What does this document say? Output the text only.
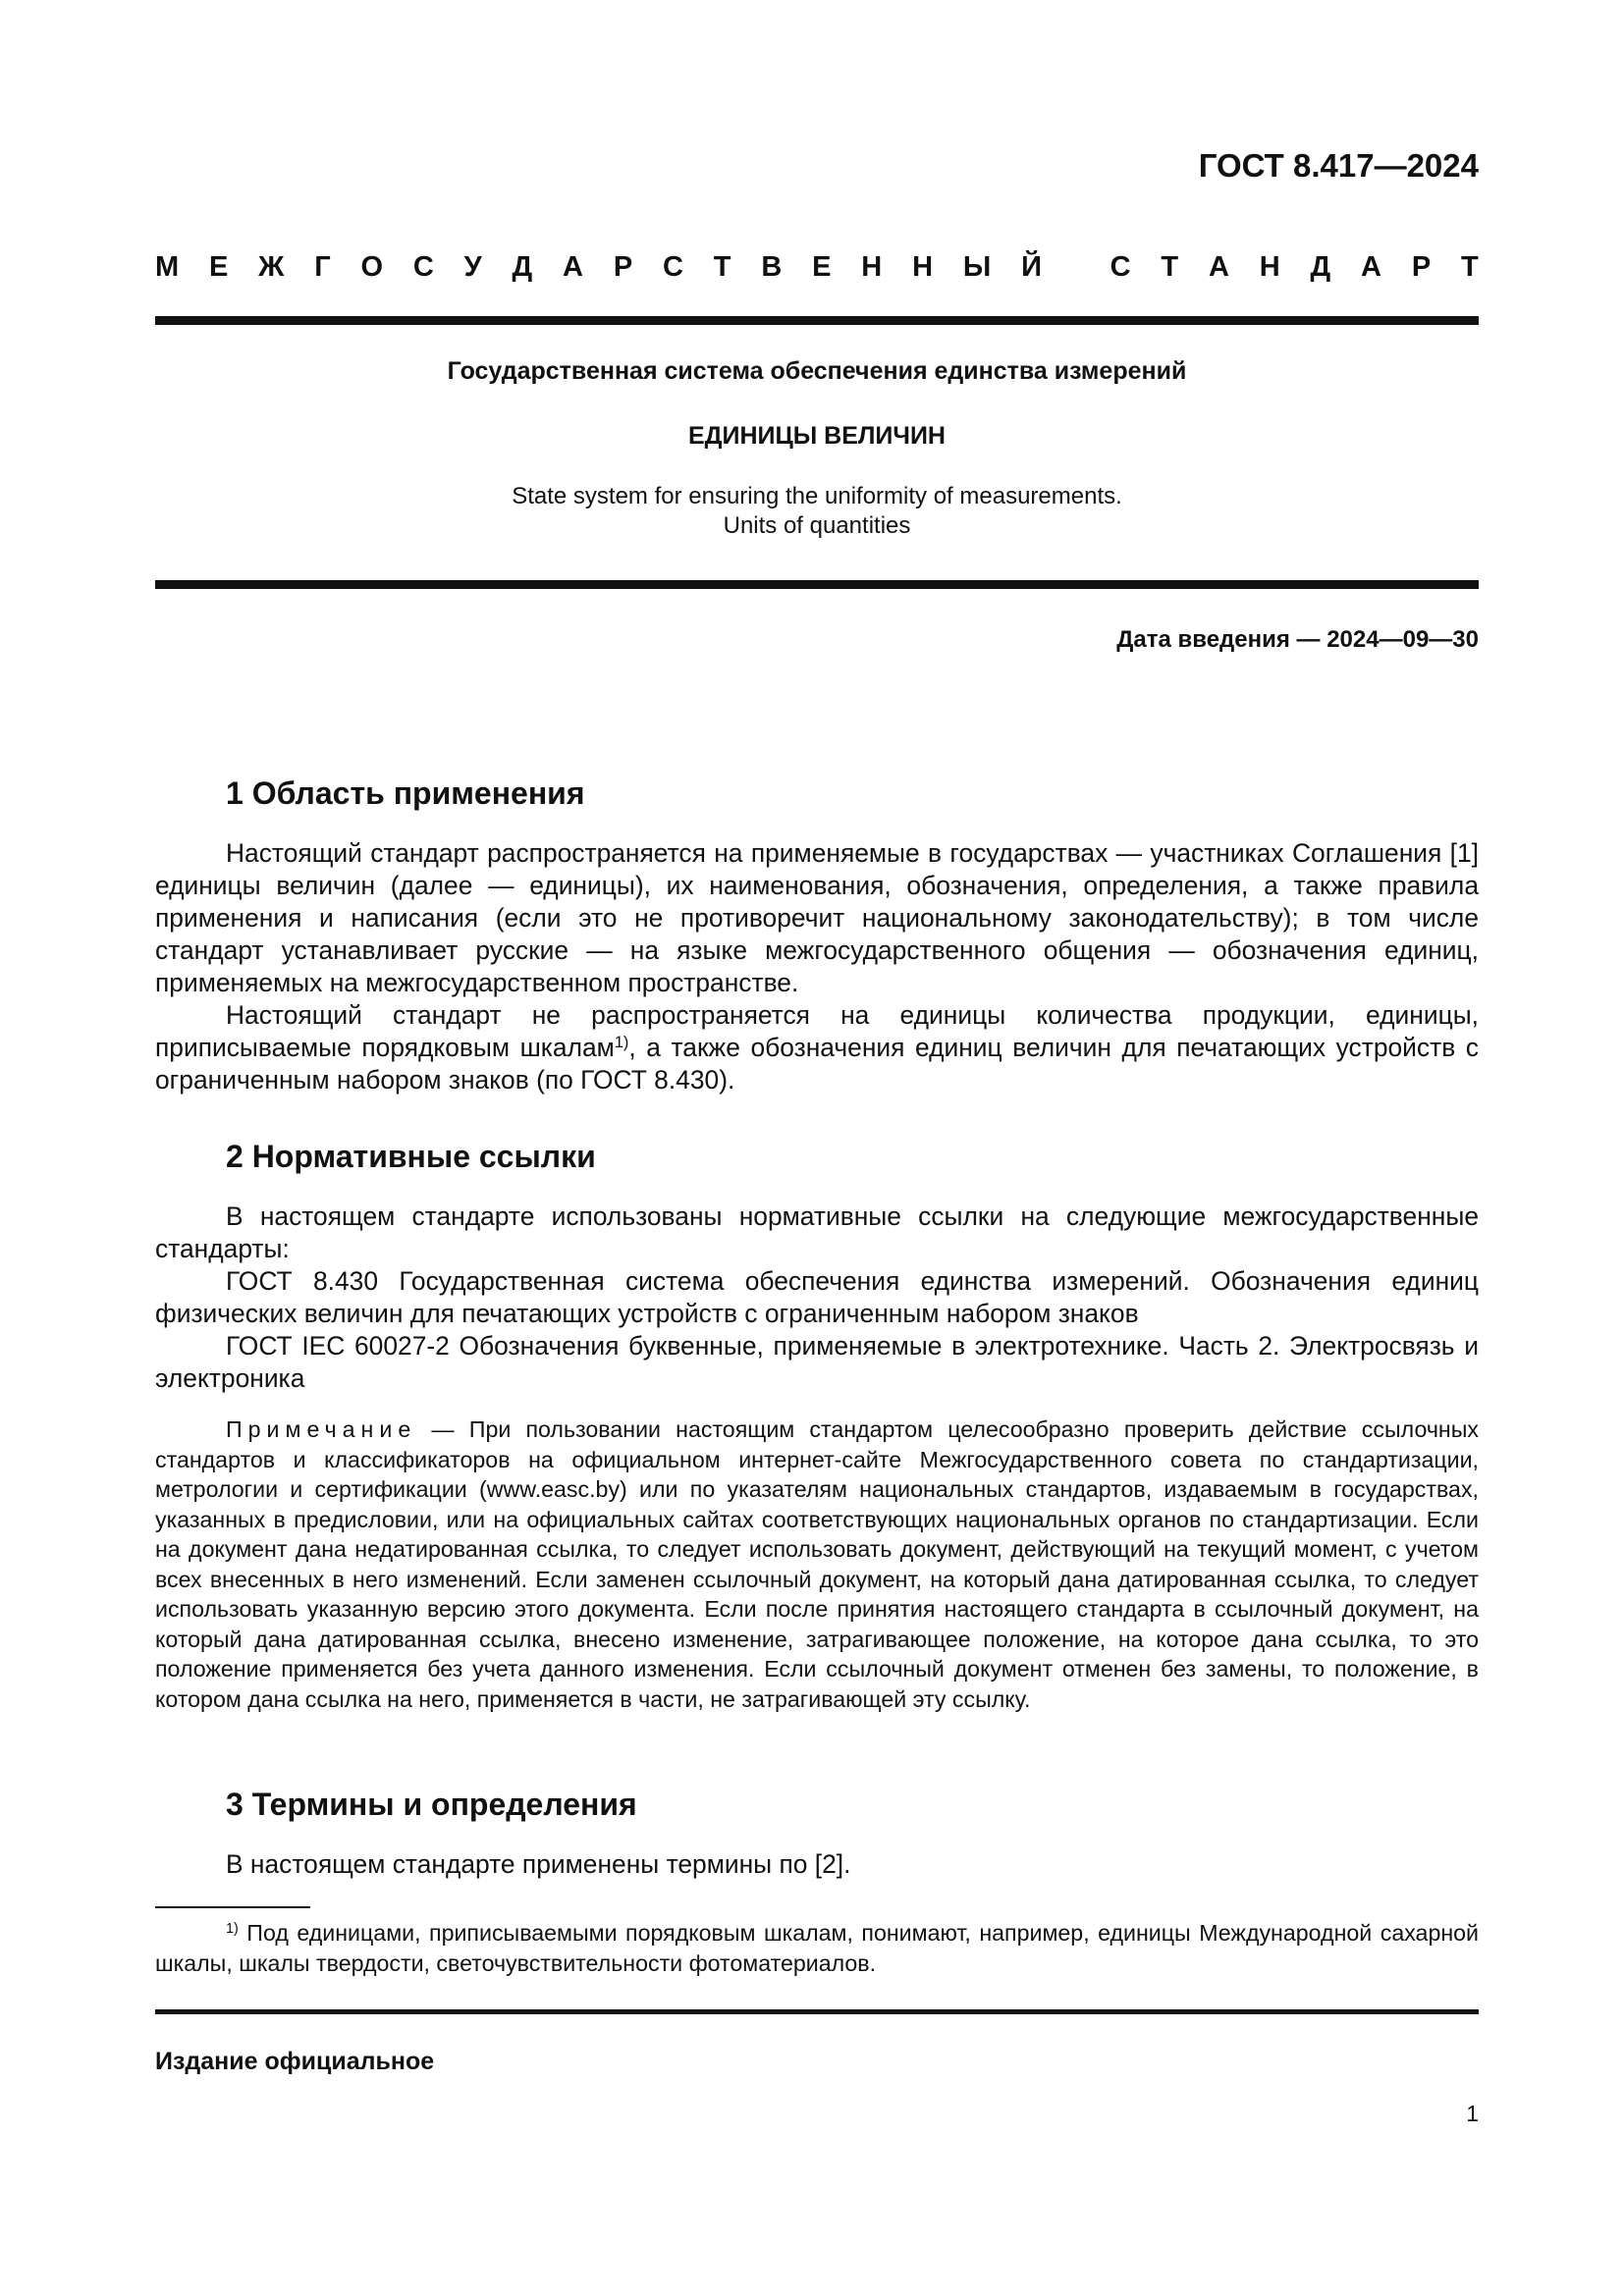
ГОСТ 8.417—2024
М Е Ж Г О С У Д А Р С Т В Е Н Н Ы Й
С Т А Н Д А Р Т
Государственная система обеспечения единства измерений
ЕДИНИЦЫ ВЕЛИЧИН
State system for ensuring the uniformity of measurements.
Units of quantities
Дата введения — 2024—09—30
1 Область применения

Настоящий стандарт распространяется на применяемые в государствах — участниках Соглашения [1] единицы величин (далее — единицы), их наименования, обозначения, определения, а также правила применения и написания (если это не противоречит национальному законодательству); в том числе стандарт устанавливает русские — на языке межгосударственного общения — обозначения единиц, применяемых на межгосударственном пространстве.

Настоящий стандарт не распространяется на единицы количества продукции, единицы, приписываемые порядковым шкалам$^{1)}$, а также обозначения единиц величин для печатающих устройств с ограниченным набором знаков (по ГОСТ 8.430).

2 Нормативные ссылки

В настоящем стандарте использованы нормативные ссылки на следующие межгосударственные стандарты:

ГОСТ 8.430 Государственная система обеспечения единства измерений. Обозначения единиц физических величин для печатающих устройств с ограниченным набором знаков

ГОСТ IEC 60027-2 Обозначения буквенные, применяемые в электротехнике. Часть 2. Электросвязь и электроника

Примечание — При пользовании настоящим стандартом целесообразно проверить действие ссылочных стандартов и классификаторов на официальном интернет-сайте Межгосударственного совета по стандартизации, метрологии и сертификации (www.easc.by) или по указателям национальных стандартов, издаваемым в государствах, указанных в предисловии, или на официальных сайтах соответствующих национальных органов по стандартизации. Если на документ дана недатированная ссылка, то следует использовать документ, действующий на текущий момент, с учетом всех внесенных в него изменений. Если заменен ссылочный документ, на который дана датированная ссылка, то следует использовать указанную версию этого документа. Если после принятия настоящего стандарта в ссылочный документ, на который дана датированная ссылка, внесено изменение, затрагивающее положение, на которое дана ссылка, то это положение применяется без учета данного изменения. Если ссылочный документ отменен без замены, то положение, в котором дана ссылка на него, применяется в части, не затрагивающей эту ссылку.
3 Термины и определения

В настоящем стандарте применены термины по [2].

$^{1)}$ Под единицами, приписываемыми порядковым шкалам, понимают, например, единицы Международной сахарной шкалы, шкалы твердости, светочувствительности фотоматериалов.
Издание официальное
1
